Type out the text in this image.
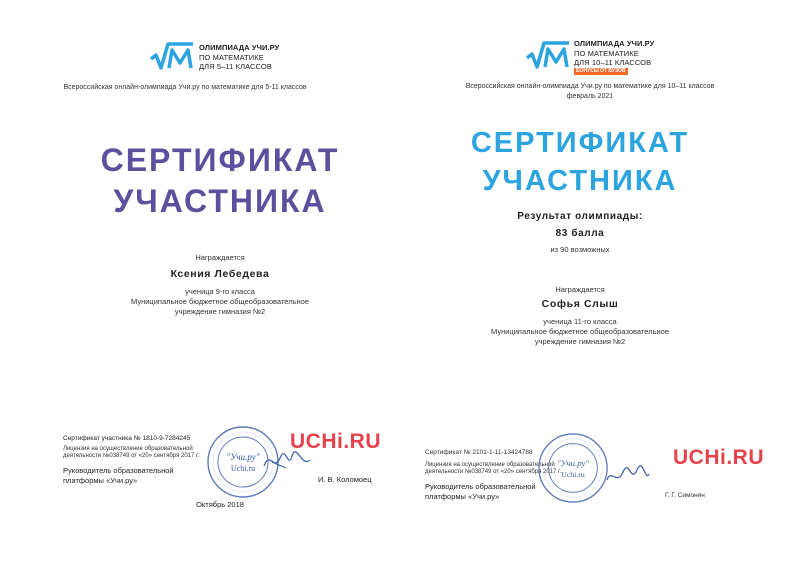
ОЛИМПИАДА УЧИ.РУ
ПО МАТЕМАТИКЕ
ДЛЯ 5–11 КЛАССОВ
Всероссийская онлайн-олимпиада Учи.ру по математике для 5-11 классов
СЕРТИФИКАТ
УЧАСТНИКА
Награждается
Ксения Лебедева
ученица 9-го класса
Муниципальное бюджетное общеобразовательное
учреждение гимназия №2
Сертификат участника № 1810-9-7284245
Лицензия на осуществление образовательной
деятельности №038749 от «20» сентября 2017 г.
Руководитель образовательной
платформы «Учи.ру»
"Учи.ру"
Uchi.ru
UCHi.RU
И. В. Коломоец
Октябрь 2018
ОЛИМПИАДА УЧИ.РУ
ПО МАТЕМАТИКЕ
ДЛЯ 10–11 КЛАССОВ
БОНУСЫ ОТ ВУЗОВ
Всероссийская онлайн-олимпиада Учи.ру по математике для 10–11 классов
февраль 2021
СЕРТИФИКАТ
УЧАСТНИКА
Результат олимпиады:
83 балла
из 90 возможных
Награждается
Софья Слыш
ученица 11-го класса
Муниципальное бюджетное общеобразовательное
учреждение гимназия №2
Сертификат № 2101-1-11-13424788
Лицензия на осуществление образовательной
деятельности №038749 от «20» сентября 2017 г.
Руководитель образовательной
платформы «Учи.ру»
"Учи.ру"
Uchi.ru
UCHi.RU
Г. Г. Симонян
